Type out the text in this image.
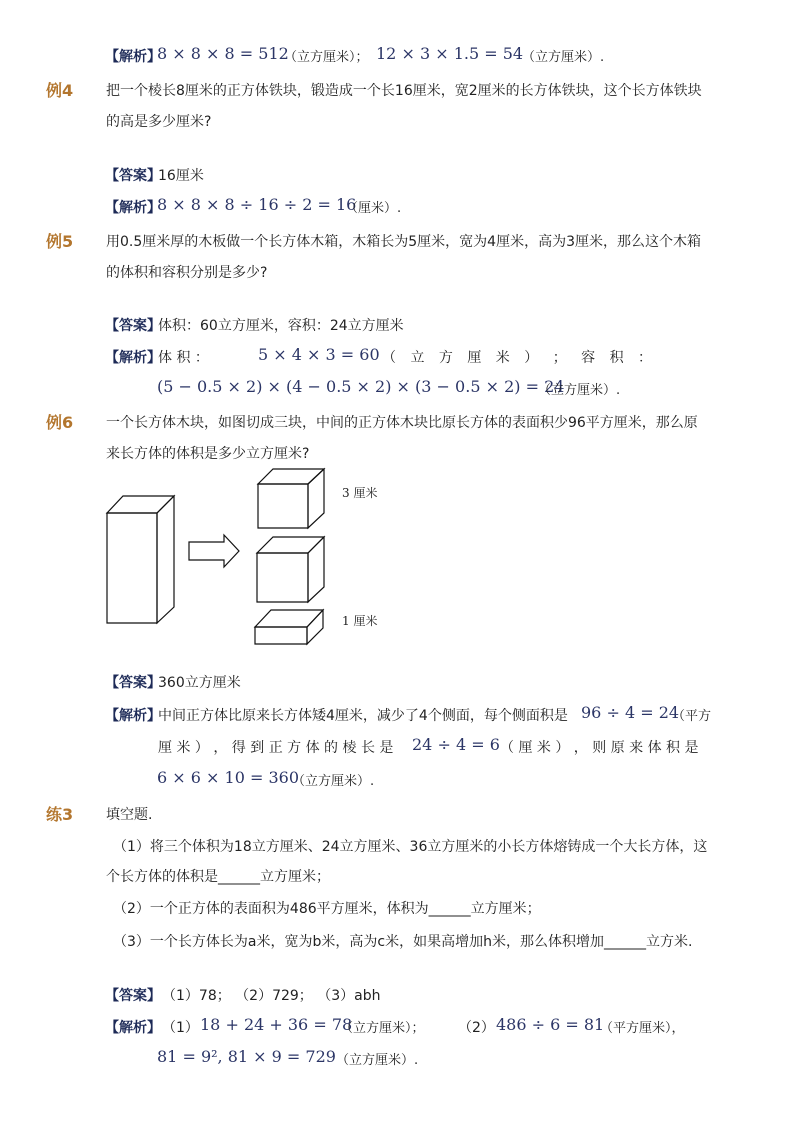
【解析】
8 × 8 × 8 = 512
（立方厘米）； 12 × 3 × 1.5 = 54
（立方厘米）.
例4 把一个棱长8厘米的正方体铁块，锻造成一个长16厘米，宽2厘米的长方体铁块，这个长方体铁块
的高是多少厘米?
【答案】
16厘米
【解析】
8 × 8 × 8 ÷ 16 ÷ 2 = 16
（厘米）.
例5 用0.5厘米厚的木板做一个长方体木箱，木箱长为5厘米，宽为4厘米，高为3厘米，那么这个木箱
的体积和容积分别是多少?
【答案】
体积：60立方厘米，容积：24立方厘米
【解析】
体 积 ：	5 × 4 × 3 = 60 （ 立 方 厘 米 ） ； 容 积 ：
(5 − 0.5 × 2) × (4 − 0.5 × 2) × (3 − 0.5 × 2) = 24
（立方厘米）.
例6 一个长方体木块，如图切成三块，中间的正方体木块比原长方体的表面积少96平方厘米，那么原
来长方体的体积是多少立方厘米?
3 厘米
1 厘米
【答案】
360立方厘米
【解析】
中间正方体比原来长方体矮4厘米，减少了4个侧面，每个侧面积是 96 ÷ 4 = 24
（平方
厘 米 ） ， 得 到 正 方 体 的 棱 长 是 24 ÷ 4 = 6 （ 厘 米 ） ， 则 原 来 体 积 是
6 × 6 × 10 = 360
（立方厘米）.
练3 填空题.
（1）将三个体积为18立方厘米、24立方厘米、36立方厘米的小长方体熔铸成一个大长方体，这
个长方体的体积是______立方厘米；
（2）一个正方体的表面积为486平方厘米，体积为______立方厘米；
（3）一个长方体长为a米，宽为b米，高为c米，如果高增加h米，那么体积增加______立方米.
【答案】 （1）78； （2）729； （3）abh
【解析】 （1） 18 + 24 + 36 = 78
（立方厘米）； （2） 486 ÷ 6 = 81
（平方厘米），
81 = 9², 81 × 9 = 729 （立方厘米）.
